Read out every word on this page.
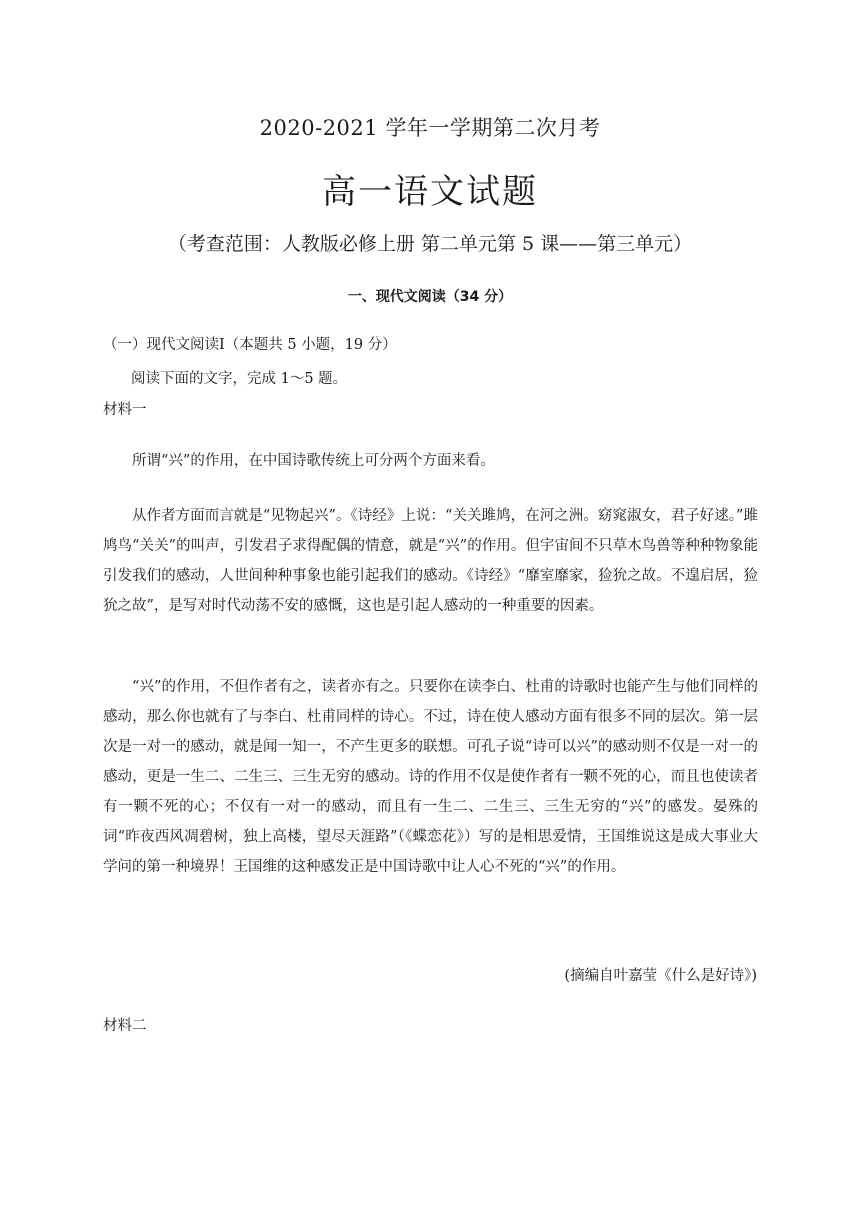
2020-2021 学年一学期第二次月考
高一语文试题
（考查范围：人教版必修上册 第二单元第 5 课——第三单元）
一、现代文阅读（34 分）
（一）现代文阅读Ⅰ（本题共 5 小题，19 分）
阅读下面的文字，完成 1～5 题。
材料一

所谓“兴”的作用，在中国诗歌传统上可分两个方面来看。

从作者方面而言就是“见物起兴”。《诗经》上说：“关关雎鸠，在河之洲。窈窕淑女，君子好逑。”雎鸠鸟“关关”的叫声，引发君子求得配偶的情意，就是“兴”的作用。但宇宙间不只草木鸟兽等种种物象能引发我们的感动，人世间种种事象也能引起我们的感动。《诗经》“靡室靡家，猃狁之故。不遑启居，猃狁之故”，是写对时代动荡不安的感慨，这也是引起人感动的一种重要的因素。

“兴”的作用，不但作者有之，读者亦有之。只要你在读李白、杜甫的诗歌时也能产生与他们同样的感动，那么你也就有了与李白、杜甫同样的诗心。不过，诗在使人感动方面有很多不同的层次。第一层次是一对一的感动，就是闻一知一，不产生更多的联想。可孔子说“诗可以兴”的感动则不仅是一对一的感动，更是一生二、二生三、三生无穷的感动。诗的作用不仅是使作者有一颗不死的心，而且也使读者有一颗不死的心；不仅有一对一的感动，而且有一生二、二生三、三生无穷的“兴”的感发。晏殊的词“昨夜西风凋碧树，独上高楼，望尽天涯路”（《蝶恋花》）写的是相思爱情，王国维说这是成大事业大学问的第一种境界！王国维的这种感发正是中国诗歌中让人心不死的“兴”的作用。

(摘编自叶嘉莹《什么是好诗》)
材料二
